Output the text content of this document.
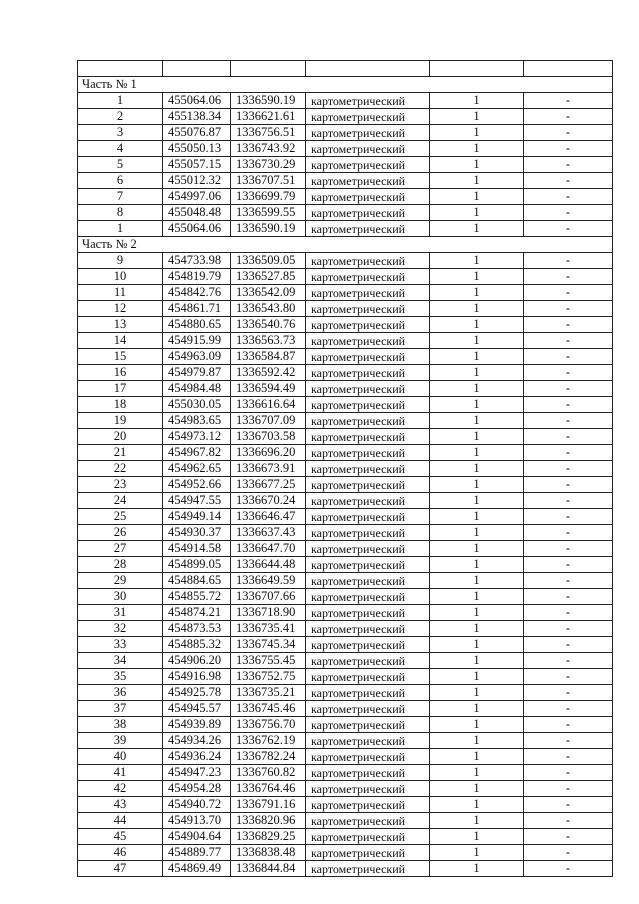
Часть № 1					
1	455064.06	1336590.19	картометрический	1	-
2	455138.34	1336621.61	картометрический	1	-
3	455076.87	1336756.51	картометрический	1	-
4	455050.13	1336743.92	картометрический	1	-
5	455057.15	1336730.29	картометрический	1	-
6	455012.32	1336707.51	картометрический	1	-
7	454997.06	1336699.79	картометрический	1	-
8	455048.48	1336599.55	картометрический	1	-
1	455064.06	1336590.19	картометрический	1	-
Часть № 2					
9	454733.98	1336509.05	картометрический	1	-
10	454819.79	1336527.85	картометрический	1	-
11	454842.76	1336542.09	картометрический	1	-
12	454861.71	1336543.80	картометрический	1	-
13	454880.65	1336540.76	картометрический	1	-
14	454915.99	1336563.73	картометрический	1	-
15	454963.09	1336584.87	картометрический	1	-
16	454979.87	1336592.42	картометрический	1	-
17	454984.48	1336594.49	картометрический	1	-
18	455030.05	1336616.64	картометрический	1	-
19	454983.65	1336707.09	картометрический	1	-
20	454973.12	1336703.58	картометрический	1	-
21	454967.82	1336696.20	картометрический	1	-
22	454962.65	1336673.91	картометрический	1	-
23	454952.66	1336677.25	картометрический	1	-
24	454947.55	1336670.24	картометрический	1	-
25	454949.14	1336646.47	картометрический	1	-
26	454930.37	1336637.43	картометрический	1	-
27	454914.58	1336647.70	картометрический	1	-
28	454899.05	1336644.48	картометрический	1	-
29	454884.65	1336649.59	картометрический	1	-
30	454855.72	1336707.66	картометрический	1	-
31	454874.21	1336718.90	картометрический	1	-
32	454873.53	1336735.41	картометрический	1	-
33	454885.32	1336745.34	картометрический	1	-
34	454906.20	1336755.45	картометрический	1	-
35	454916.98	1336752.75	картометрический	1	-
36	454925.78	1336735.21	картометрический	1	-
37	454945.57	1336745.46	картометрический	1	-
38	454939.89	1336756.70	картометрический	1	-
39	454934.26	1336762.19	картометрический	1	-
40	454936.24	1336782.24	картометрический	1	-
41	454947.23	1336760.82	картометрический	1	-
42	454954.28	1336764.46	картометрический	1	-
43	454940.72	1336791.16	картометрический	1	-
44	454913.70	1336820.96	картометрический	1	-
45	454904.64	1336829.25	картометрический	1	-
46	454889.77	1336838.48	картометрический	1	-
47	454869.49	1336844.84	картометрический	1	-
